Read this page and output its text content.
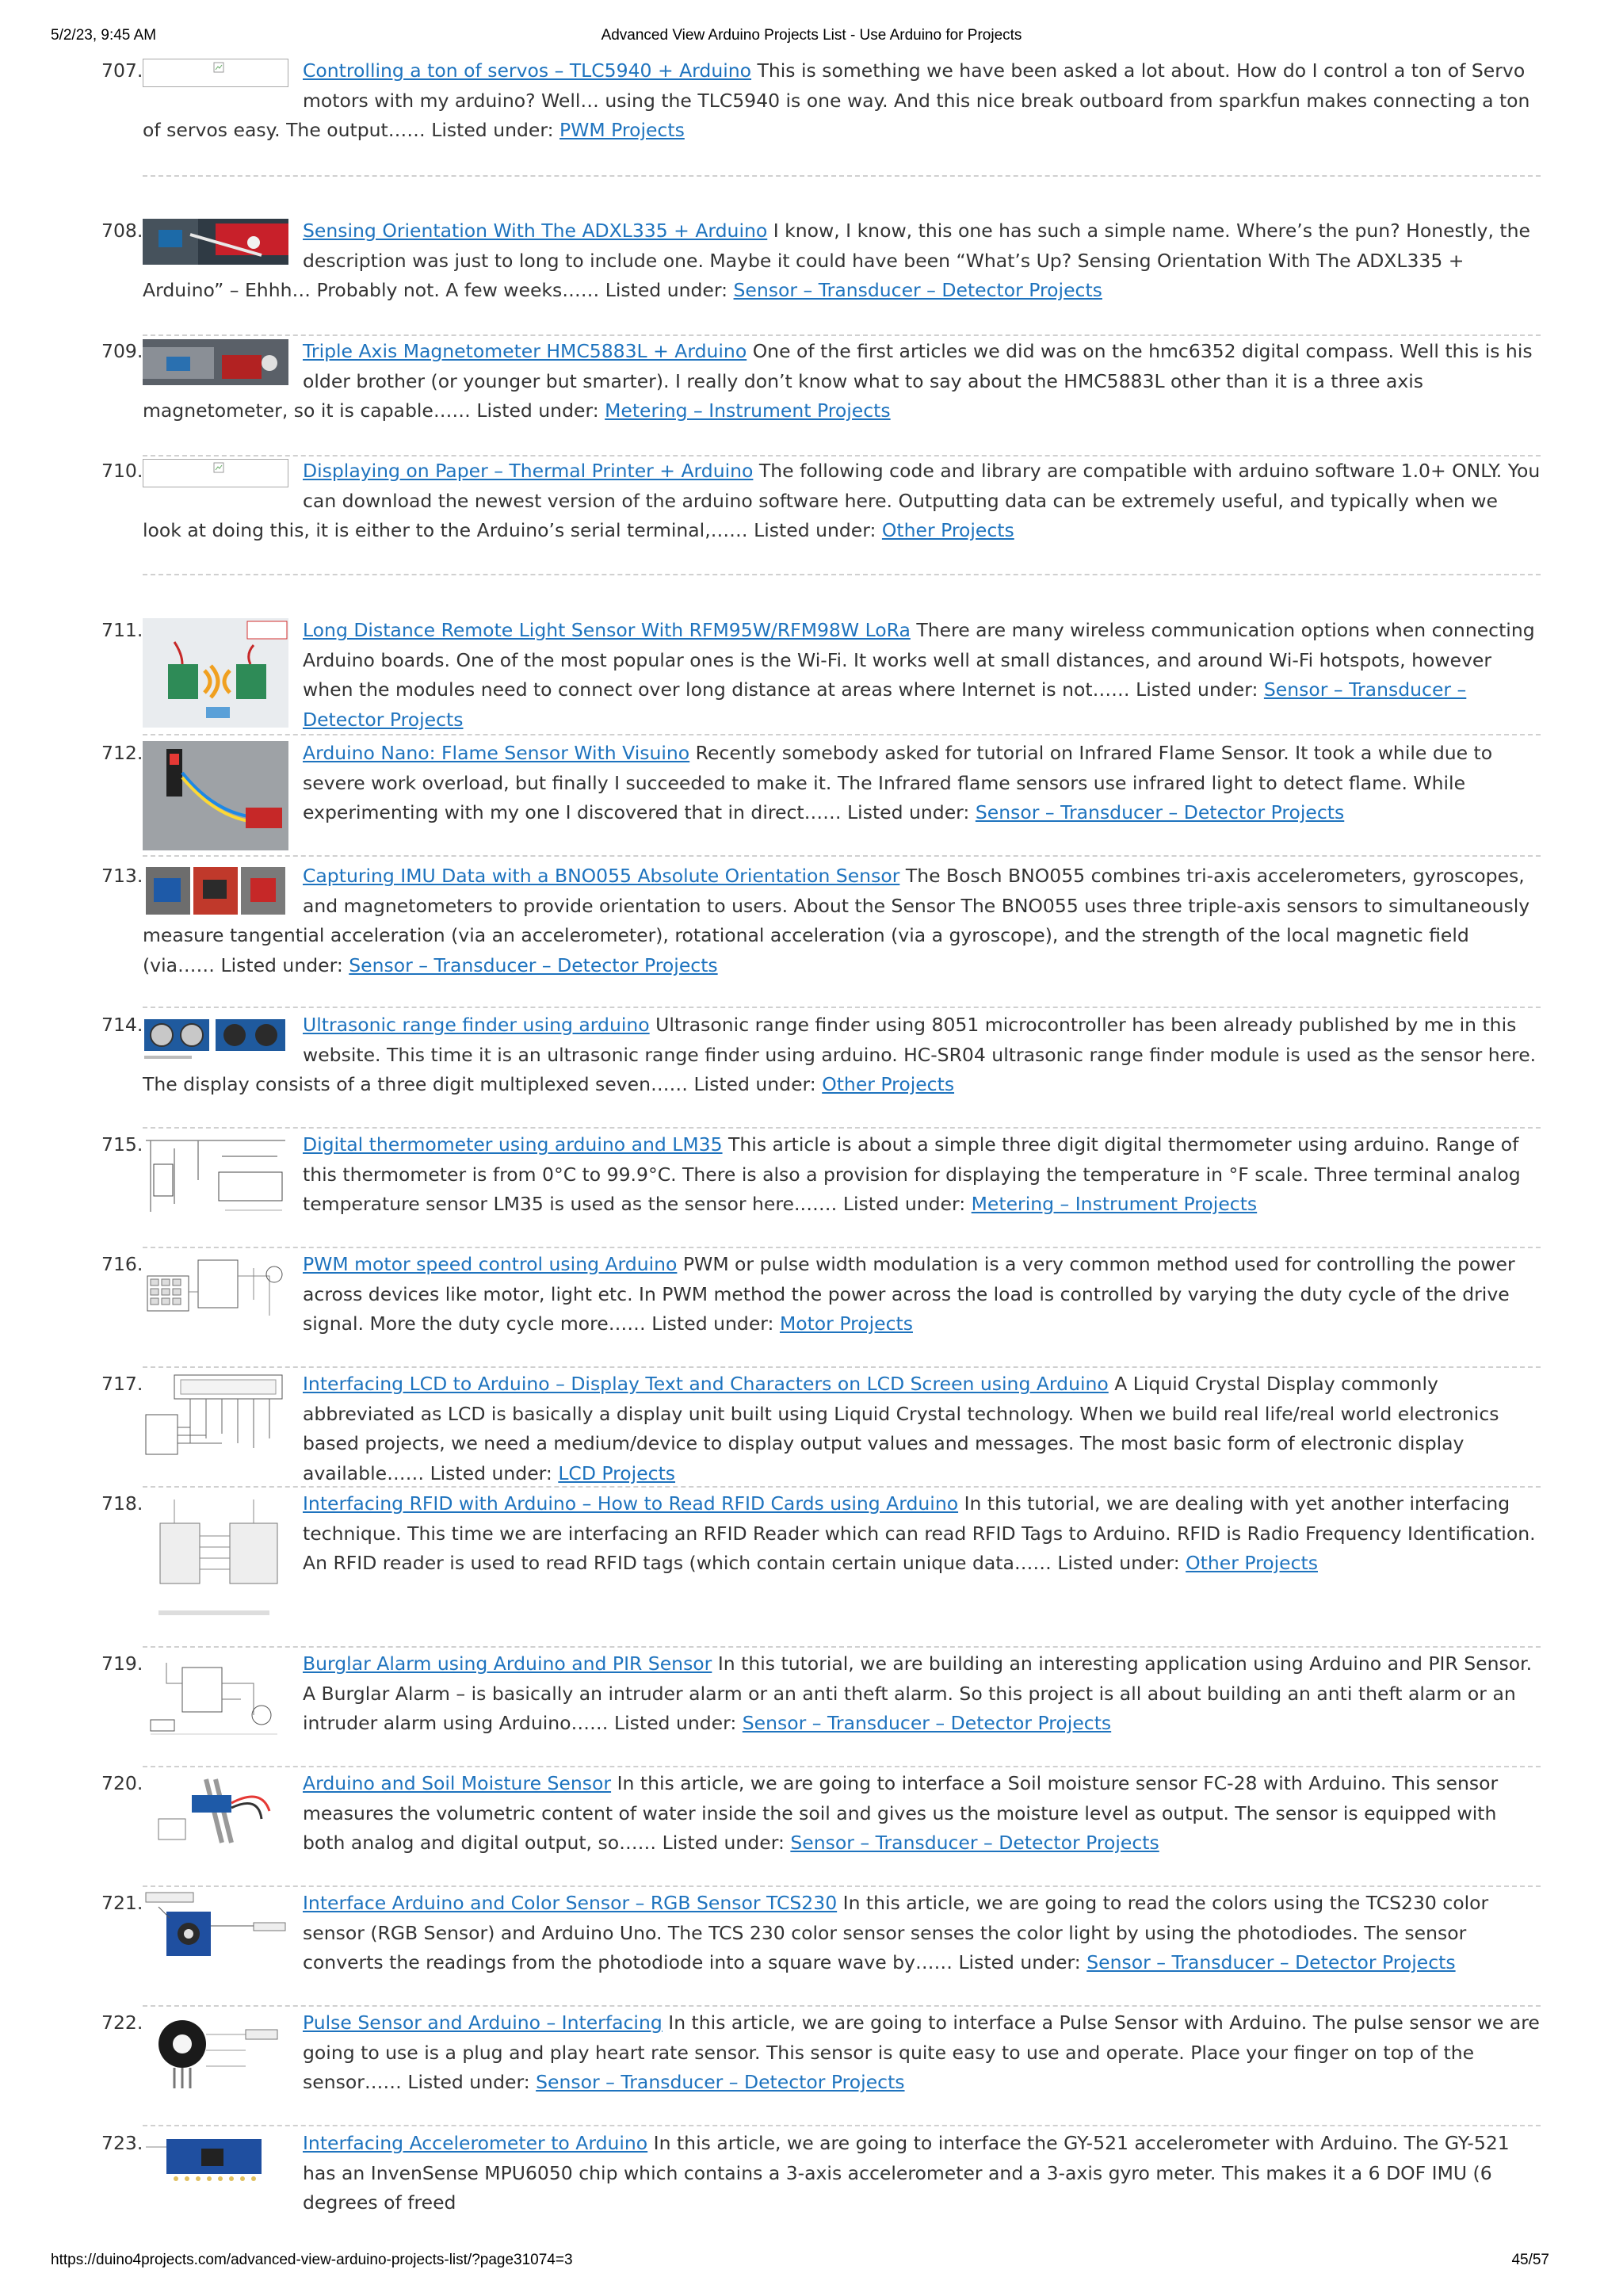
5/2/23, 9:45 AM	Advanced View Arduino Projects List - Use Arduino for Projects
707.	Controlling a ton of servos – TLC5940 + Arduino This is something we have been asked a lot about. How do I control a ton of Servo motors with my arduino? Well… using the TLC5940 is one way. And this nice break outboard from sparkfun makes connecting a ton of servos easy. The output…… Listed under: PWM Projects
708.	Sensing Orientation With The ADXL335 + Arduino I know, I know, this one has such a simple name. Where’s the pun? Honestly, the description was just to long to include one. Maybe it could have been “What’s Up? Sensing Orientation With The ADXL335 + Arduino” – Ehhh… Probably not. A few weeks…… Listed under: Sensor – Transducer – Detector Projects
709.	Triple Axis Magnetometer HMC5883L + Arduino One of the first articles we did was on the hmc6352 digital compass. Well this is his older brother (or younger but smarter). I really don’t know what to say about the HMC5883L other than it is a three axis magnetometer, so it is capable…… Listed under: Metering – Instrument Projects
710.	Displaying on Paper – Thermal Printer + Arduino The following code and library are compatible with arduino software 1.0+ ONLY. You can download the newest version of the arduino software here. Outputting data can be extremely useful, and typically when we look at doing this, it is either to the Arduino’s serial terminal,…… Listed under: Other Projects
711.	Long Distance Remote Light Sensor With RFM95W/RFM98W LoRa There are many wireless communication options when connecting Arduino boards. One of the most popular ones is the Wi-Fi. It works well at small distances, and around Wi-Fi hotspots, however when the modules need to connect over long distance at areas where Internet is not…… Listed under: Sensor – Transducer – Detector Projects
712.	Arduino Nano: Flame Sensor With Visuino Recently somebody asked for tutorial on Infrared Flame Sensor. It took a while due to severe work overload, but finally I succeeded to make it. The Infrared flame sensors use infrared light to detect flame. While experimenting with my one I discovered that in direct…… Listed under: Sensor – Transducer – Detector Projects
713.	Capturing IMU Data with a BNO055 Absolute Orientation Sensor The Bosch BNO055 combines tri-axis accelerometers, gyroscopes, and magnetometers to provide orientation to users. About the Sensor The BNO055 uses three triple-axis sensors to simultaneously measure tangential acceleration (via an accelerometer), rotational acceleration (via a gyroscope), and the strength of the local magnetic field (via…… Listed under: Sensor – Transducer – Detector Projects
714.	Ultrasonic range finder using arduino Ultrasonic range finder using 8051 microcontroller has been already published by me in this website. This time it is an ultrasonic range finder using arduino. HC-SR04 ultrasonic range finder module is used as the sensor here. The display consists of a three digit multiplexed seven…… Listed under: Other Projects
715.	Digital thermometer using arduino and LM35 This article is about a simple three digit digital thermometer using arduino. Range of this thermometer is from 0°C to 99.9°C. There is also a provision for displaying the temperature in °F scale. Three terminal analog temperature sensor LM35 is used as the sensor here.…… Listed under: Metering – Instrument Projects
716.	PWM motor speed control using Arduino PWM or pulse width modulation is a very common method used for controlling the power across devices like motor, light etc. In PWM method the power across the load is controlled by varying the duty cycle of the drive signal. More the duty cycle more…… Listed under: Motor Projects
717.	Interfacing LCD to Arduino – Display Text and Characters on LCD Screen using Arduino A Liquid Crystal Display commonly abbreviated as LCD is basically a display unit built using Liquid Crystal technology. When we build real life/real world electronics based projects, we need a medium/device to display output values and messages. The most basic form of electronic display available…… Listed under: LCD Projects
718.	Interfacing RFID with Arduino – How to Read RFID Cards using Arduino In this tutorial, we are dealing with yet another interfacing technique. This time we are interfacing an RFID Reader which can read RFID Tags to Arduino. RFID is Radio Frequency Identification. An RFID reader is used to read RFID tags (which contain certain unique data…… Listed under: Other Projects
719.	Burglar Alarm using Arduino and PIR Sensor In this tutorial, we are building an interesting application using Arduino and PIR Sensor. A Burglar Alarm – is basically an intruder alarm or an anti theft alarm. So this project is all about building an anti theft alarm or an intruder alarm using Arduino…… Listed under: Sensor – Transducer – Detector Projects
720.	Arduino and Soil Moisture Sensor In this article, we are going to interface a Soil moisture sensor FC-28 with Arduino. This sensor measures the volumetric content of water inside the soil and gives us the moisture level as output. The sensor is equipped with both analog and digital output, so…… Listed under: Sensor – Transducer – Detector Projects
721.	Interface Arduino and Color Sensor – RGB Sensor TCS230 In this article, we are going to read the colors using the TCS230 color sensor (RGB Sensor) and Arduino Uno. The TCS 230 color sensor senses the color light by using the photodiodes. The sensor converts the readings from the photodiode into a square wave by…… Listed under: Sensor – Transducer – Detector Projects
722.	Pulse Sensor and Arduino – Interfacing In this article, we are going to interface a Pulse Sensor with Arduino. The pulse sensor we are going to use is a plug and play heart rate sensor. This sensor is quite easy to use and operate. Place your finger on top of the sensor…… Listed under: Sensor – Transducer – Detector Projects
723.	Interfacing Accelerometer to Arduino In this article, we are going to interface the GY-521 accelerometer with Arduino. The GY-521 has an InvenSense MPU6050 chip which contains a 3-axis accelerometer and a 3-axis gyro meter. This makes it a 6 DOF IMU (6 degrees of freed
https://duino4projects.com/advanced-view-arduino-projects-list/?page31074=3	45/57
